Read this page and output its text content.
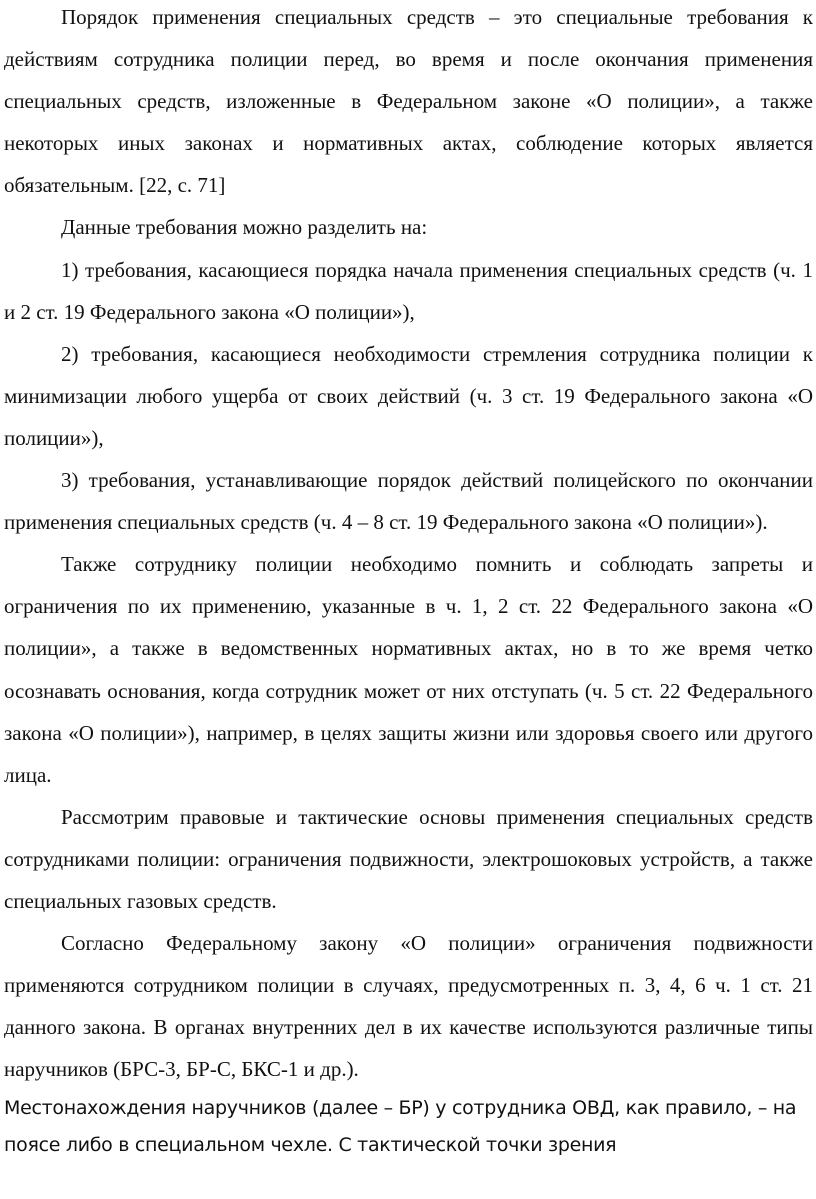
Порядок применения специальных средств – это специальные требования к действиям сотрудника полиции перед, во время и после окончания применения специальных средств, изложенные в Федеральном законе «О полиции», а также некоторых иных законах и нормативных актах, соблюдение которых является обязательным. [22, с. 71]

Данные требования можно разделить на:

1) требования, касающиеся порядка начала применения специальных средств (ч. 1 и 2 ст. 19 Федерального закона «О полиции»),

2) требования, касающиеся необходимости стремления сотрудника полиции к минимизации любого ущерба от своих действий (ч. 3 ст. 19 Федерального закона «О полиции»),

3) требования, устанавливающие порядок действий полицейского по окончании применения специальных средств (ч. 4 – 8 ст. 19 Федерального закона «О полиции»).

Также сотруднику полиции необходимо помнить и соблюдать запреты и ограничения по их применению, указанные в ч. 1, 2 ст. 22 Федерального закона «О полиции», а также в ведомственных нормативных актах, но в то же время четко осознавать основания, когда сотрудник может от них отступать (ч. 5 ст. 22 Федерального закона «О полиции»), например, в целях защиты жизни или здоровья своего или другого лица.

Рассмотрим правовые и тактические основы применения специальных средств сотрудниками полиции: ограничения подвижности, электрошоковых устройств, а также специальных газовых средств.

Согласно Федеральному закону «О полиции» ограничения подвижности применяются сотрудником полиции в случаях, предусмотренных п. 3, 4, 6 ч. 1 ст. 21 данного закона. В органах внутренних дел в их качестве используются различные типы наручников (БРС-3, БР-С, БКС-1 и др.).

Местонахождения наручников (далее – БР) у сотрудника ОВД, как правило, – на поясе либо в специальном чехле. С тактической точки зрения
